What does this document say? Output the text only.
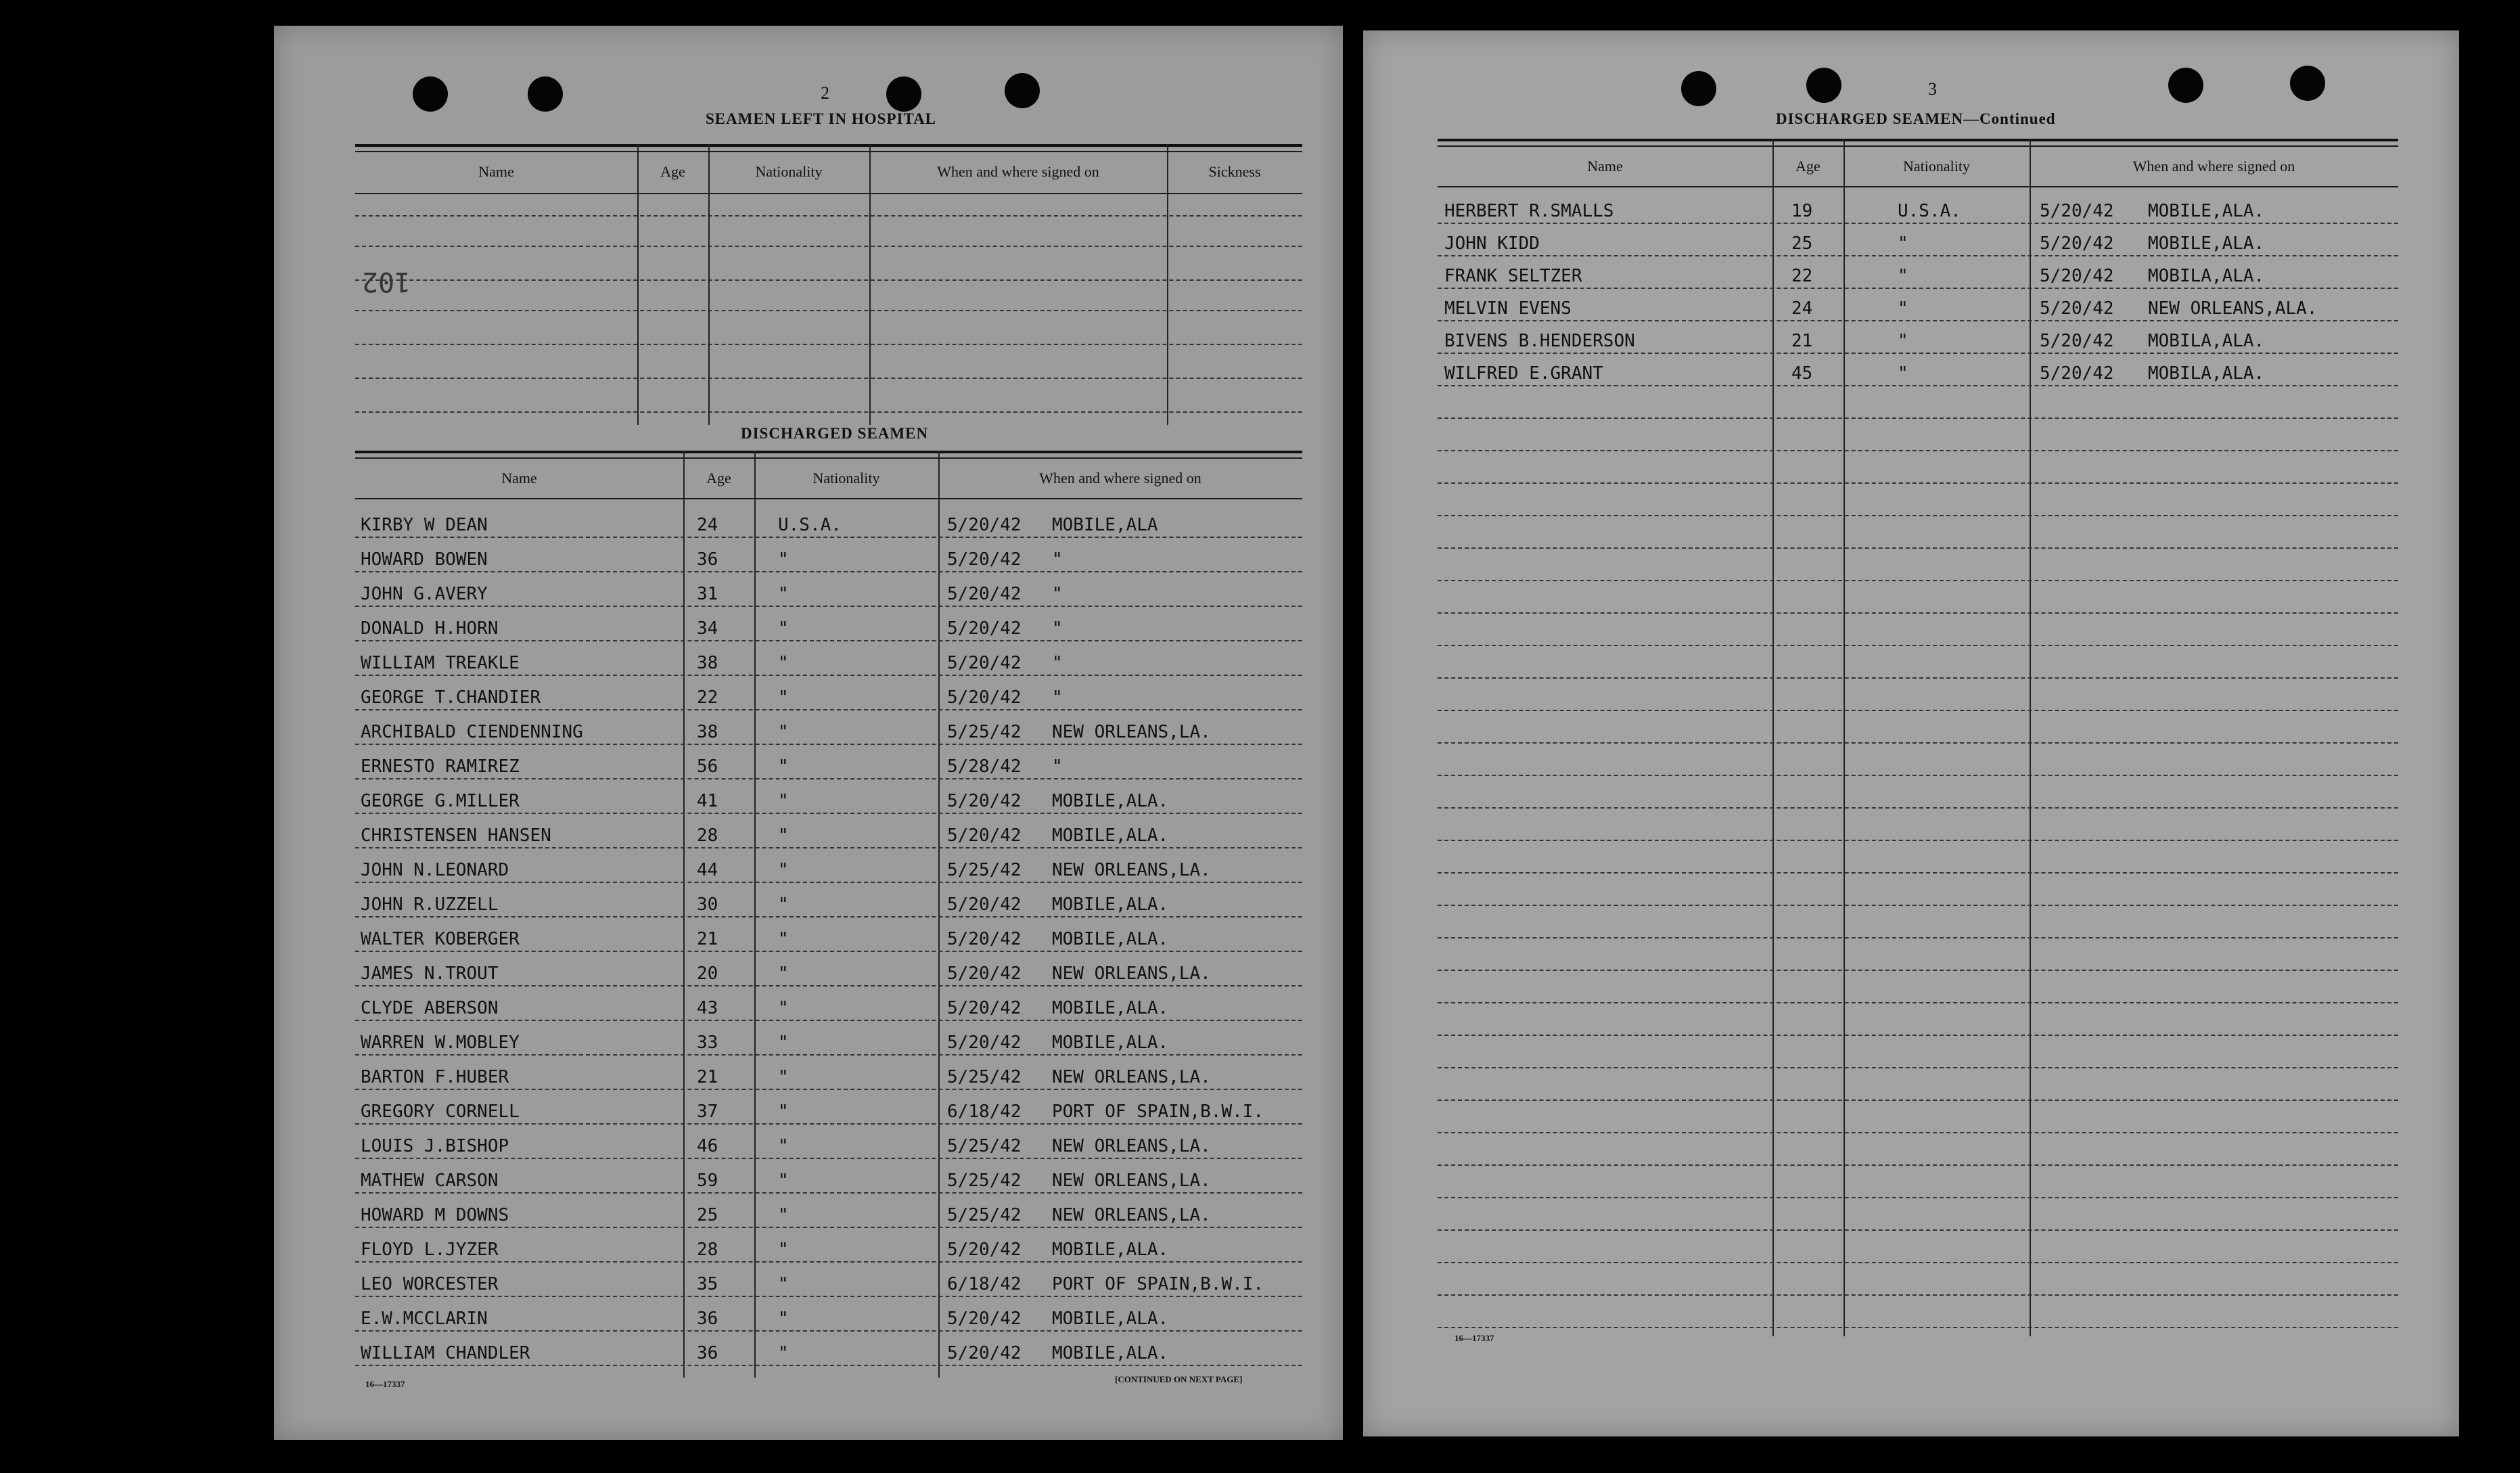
2
SEAMEN LEFT IN HOSPITAL
Name	Age	Nationality	When and where signed on	Sickness
102
DISCHARGED SEAMEN
Name	Age	Nationality	When and where signed on
KIRBY W DEAN	24	U.S.A.	5/20/42 MOBILE,ALA
HOWARD BOWEN	36	"	5/20/42 "
JOHN G.AVERY	31	"	5/20/42 "
DONALD H.HORN	34	"	5/20/42 "
WILLIAM TREAKLE	38	"	5/20/42 "
GEORGE T.CHANDIER	22	"	5/20/42 "
ARCHIBALD CIENDENNING	38	"	5/25/42 NEW ORLEANS,LA.
ERNESTO RAMIREZ	56	"	5/28/42 "
GEORGE G.MILLER	41	"	5/20/42 MOBILE,ALA.
CHRISTENSEN HANSEN	28	"	5/20/42 MOBILE,ALA.
JOHN N.LEONARD	44	"	5/25/42 NEW ORLEANS,LA.
JOHN R.UZZELL	30	"	5/20/42 MOBILE,ALA.
WALTER KOBERGER	21	"	5/20/42 MOBILE,ALA.
JAMES N.TROUT	20	"	5/20/42 NEW ORLEANS,LA.
CLYDE ABERSON	43	"	5/20/42 MOBILE,ALA.
WARREN W.MOBLEY	33	"	5/20/42 MOBILE,ALA.
BARTON F.HUBER	21	"	5/25/42 NEW ORLEANS,LA.
GREGORY CORNELL	37	"	6/18/42 PORT OF SPAIN,B.W.I.
LOUIS J.BISHOP	46	"	5/25/42 NEW ORLEANS,LA.
MATHEW CARSON	59	"	5/25/42 NEW ORLEANS,LA.
HOWARD M DOWNS	25	"	5/25/42 NEW ORLEANS,LA.
FLOYD L.JYZER	28	"	5/20/42 MOBILE,ALA.
LEO WORCESTER	35	"	6/18/42 PORT OF SPAIN,B.W.I.
E.W.MCCLARIN	36	"	5/20/42 MOBILE,ALA.
WILLIAM CHANDLER	36	"	5/20/42 MOBILE,ALA.
16—17337	[CONTINUED ON NEXT PAGE]
3
DISCHARGED SEAMEN—Continued
Name	Age	Nationality	When and where signed on
HERBERT R.SMALLS	19	U.S.A.	5/20/42 MOBILE,ALA.
JOHN KIDD	25	"	5/20/42 MOBILE,ALA.
FRANK SELTZER	22	"	5/20/42 MOBILA,ALA.
MELVIN EVENS	24	"	5/20/42 NEW ORLEANS,ALA.
BIVENS B.HENDERSON	21	"	5/20/42 MOBILA,ALA.
WILFRED E.GRANT	45	"	5/20/42 MOBILA,ALA.
16—17337
